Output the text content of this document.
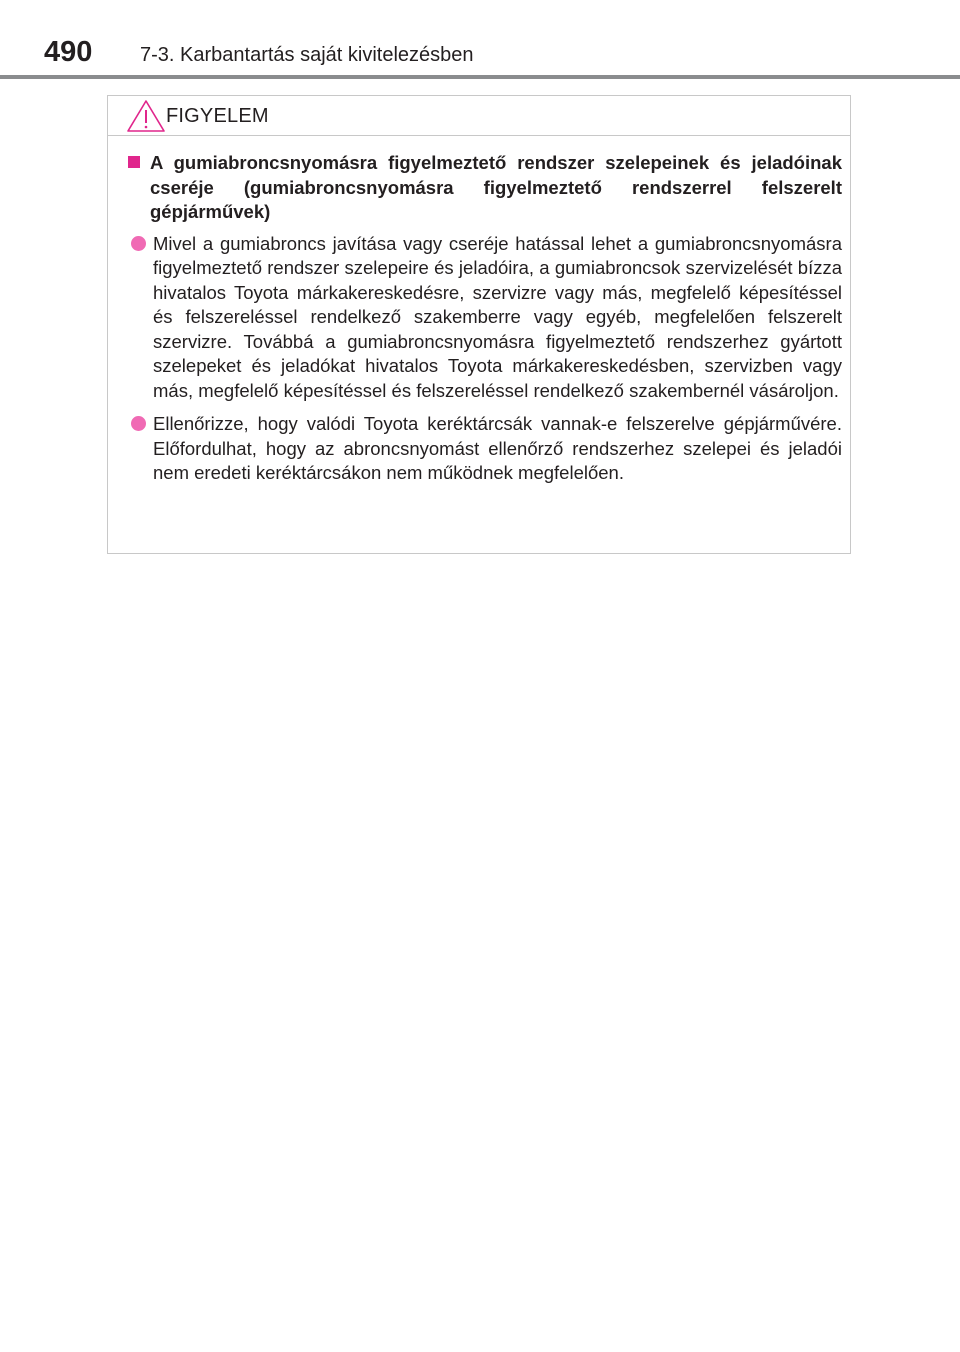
490 7-3. Karbantartás saját kivitelezésben
FIGYELEM
A gumiabroncsnyomásra figyelmeztető rendszer szelepeinek és jeladóinak cseréje (gumiabroncsnyomásra figyelmeztető rendszerrel felszerelt gépjárművek)
Mivel a gumiabroncs javítása vagy cseréje hatással lehet a gumiabroncsnyomásra figyelmeztető rendszer szelepeire és jeladóira, a gumiabroncsok szervizelését bízza hivatalos Toyota márkakereskedésre, szervizre vagy más, megfelelő képesítéssel és felszereléssel rendelkező szakemberre vagy egyéb, megfelelően felszerelt szervizre. Továbbá a gumiabroncsnyomásra figyelmeztető rendszerhez gyártott szelepeket és jeladókat hivatalos Toyota márkakereskedésben, szervizben vagy más, megfelelő képesítéssel és felszereléssel rendelkező szakembernél vásároljon.
Ellenőrizze, hogy valódi Toyota keréktárcsák vannak-e felszerelve gépjárművére. Előfordulhat, hogy az abroncsnyomást ellenőrző rendszerhez szelepei és jeladói nem eredeti keréktárcsákon nem működnek megfelelően.
